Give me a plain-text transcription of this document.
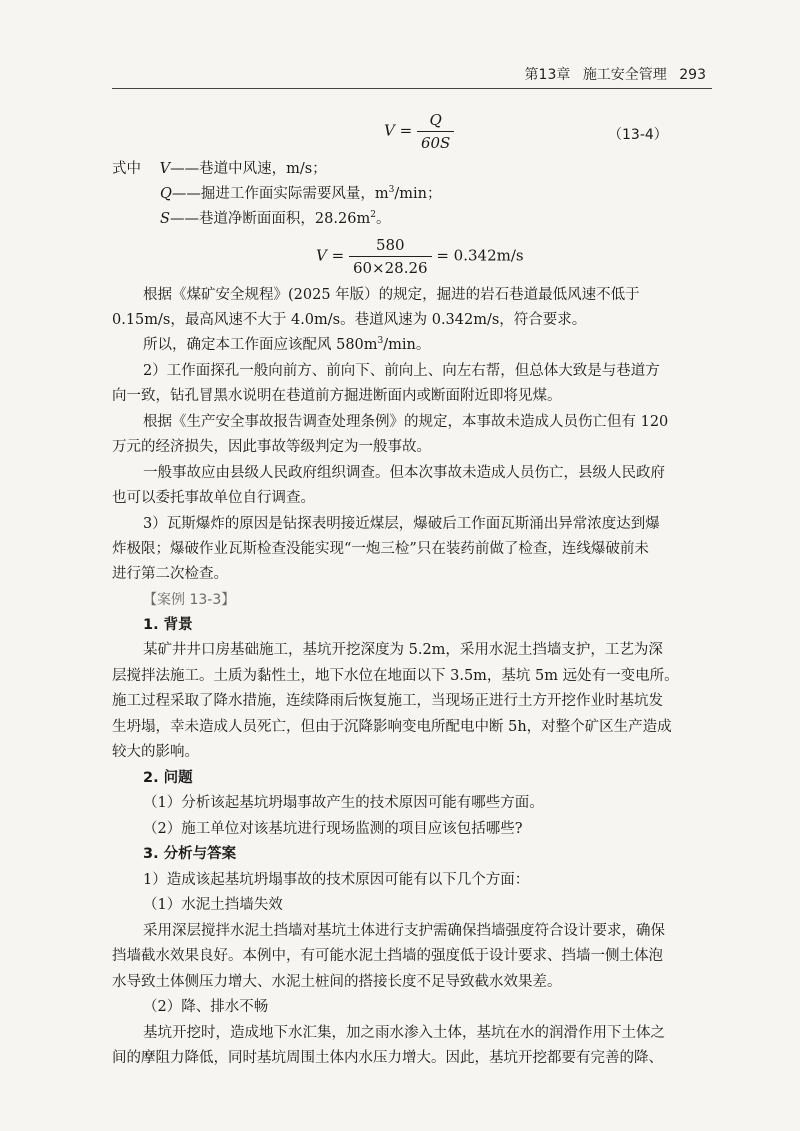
第13章 施工安全管理 293
$V = \frac{Q}{60S}$	（13-4）
式中 V——巷道中风速，m/s；
Q——掘进工作面实际需要风量，$m^3/\min$；
S——巷道净断面面积，$28.26m^2$。
$V = \frac{580}{60\times 28.26} = 0.342m/s$
根据《煤矿安全规程》(2025 年版）的规定，掘进的岩石巷道最低风速不低于
0.15m/s，最高风速不大于 4.0m/s。巷道风速为 0.342m/s，符合要求。
所以，确定本工作面应该配风 $580m^3/\min$。
2）工作面探孔一般向前方、前向下、前向上、向左右帮，但总体大致是与巷道方
向一致，钻孔冒黑水说明在巷道前方掘进断面内或断面附近即将见煤。
根据《生产安全事故报告调查处理条例》的规定，本事故未造成人员伤亡但有 120
万元的经济损失，因此事故等级判定为一般事故。
一般事故应由县级人民政府组织调查。但本次事故未造成人员伤亡，县级人民政府
也可以委托事故单位自行调查。
3）瓦斯爆炸的原因是钻探表明接近煤层，爆破后工作面瓦斯涌出异常浓度达到爆
炸极限；爆破作业瓦斯检查没能实现“一炮三检”只在装药前做了检查，连线爆破前未
进行第二次检查。
【案例 13-3】
1. 背景
某矿井井口房基础施工，基坑开挖深度为 5.2m，采用水泥土挡墙支护，工艺为深
层搅拌法施工。土质为黏性土，地下水位在地面以下 3.5m，基坑 5m 远处有一变电所。
施工过程采取了降水措施，连续降雨后恢复施工，当现场正进行土方开挖作业时基坑发
生坍塌，幸未造成人员死亡，但由于沉降影响变电所配电中断 5h，对整个矿区生产造成
较大的影响。
2. 问题
（1）分析该起基坑坍塌事故产生的技术原因可能有哪些方面。
（2）施工单位对该基坑进行现场监测的项目应该包括哪些?
3. 分析与答案
1）造成该起基坑坍塌事故的技术原因可能有以下几个方面：
（1）水泥土挡墙失效
采用深层搅拌水泥土挡墙对基坑土体进行支护需确保挡墙强度符合设计要求，确保
挡墙截水效果良好。本例中，有可能水泥土挡墙的强度低于设计要求、挡墙一侧土体泡
水导致土体侧压力增大、水泥土桩间的搭接长度不足导致截水效果差。
（2）降、排水不畅
基坑开挖时，造成地下水汇集，加之雨水渗入土体，基坑在水的润滑作用下土体之
间的摩阻力降低，同时基坑周围土体内水压力增大。因此，基坑开挖都要有完善的降、
